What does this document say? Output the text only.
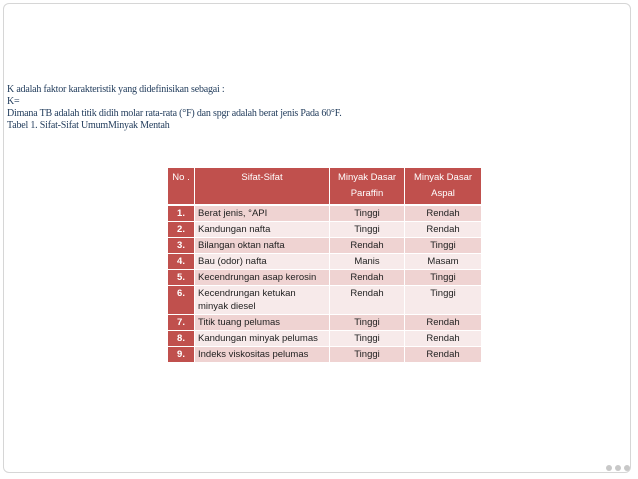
K adalah faktor karakteristik yang didefinisikan sebagai :
K=
Dimana TB adalah titik didih molar rata-rata (°F) dan spgr adalah berat jenis Pada 60°F.
Tabel 1. Sifat-Sifat UmumMinyak Mentah
No .	Sifat-Sifat	Minyak Dasar Paraffin	Minyak Dasar Aspal
1.	Berat jenis, °API	Tinggi	Rendah
2.	Kandungan nafta	Tinggi	Rendah
3.	Bilangan oktan nafta	Rendah	Tinggi
4.	Bau (odor) nafta	Manis	Masam
5.	Kecendrungan asap kerosin	Rendah	Tinggi
6.	Kecendrungan ketukan minyak diesel	Rendah	Tinggi
7.	Titik tuang pelumas	Tinggi	Rendah
8.	Kandungan minyak pelumas	Tinggi	Rendah
9.	Indeks viskositas pelumas	Tinggi	Rendah
